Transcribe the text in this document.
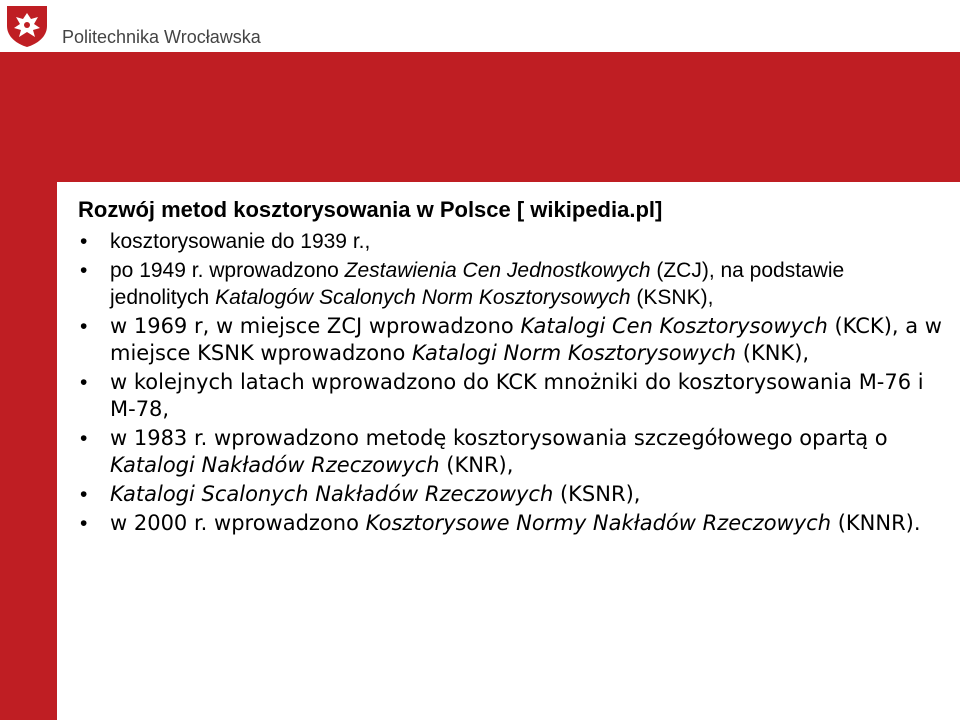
Politechnika Wrocławska
Rozwój metod kosztorysowania w Polsce [ wikipedia.pl]
• kosztorysowanie do 1939 r.,
• po 1949 r. wprowadzono Zestawienia Cen Jednostkowych (ZCJ), na podstawie jednolitych Katalogów Scalonych Norm Kosztorysowych (KSNK),
• w 1969 r, w miejsce ZCJ wprowadzono Katalogi Cen Kosztorysowych (KCK), a w miejsce KSNK wprowadzono Katalogi Norm Kosztorysowych (KNK),
• w kolejnych latach wprowadzono do KCK mnożniki do kosztorysowania M-76 i M-78,
• w 1983 r. wprowadzono metodę kosztorysowania szczegółowego opartą o Katalogi Nakładów Rzeczowych (KNR),
• Katalogi Scalonych Nakładów Rzeczowych (KSNR),
• w 2000 r. wprowadzono Kosztorysowe Normy Nakładów Rzeczowych (KNNR).
